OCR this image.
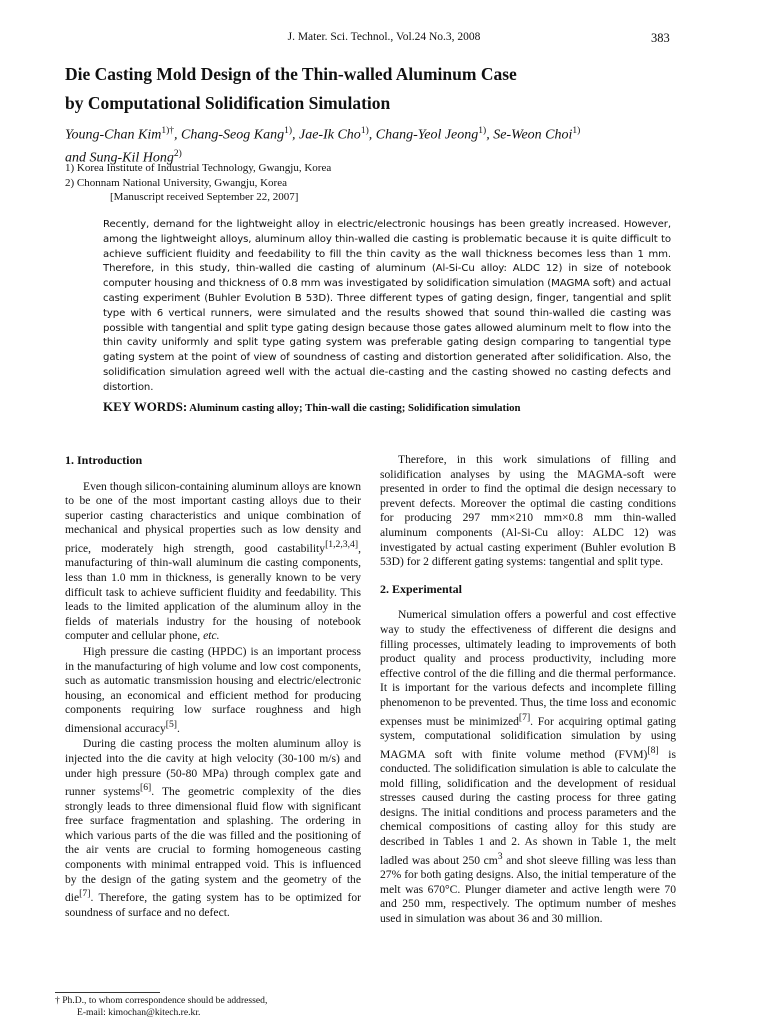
J. Mater. Sci. Technol., Vol.24 No.3, 2008	383
Die Casting Mold Design of the Thin-walled Aluminum Case
by Computational Solidification Simulation
Young-Chan Kim$^{1)\dagger}$, Chang-Seog Kang$^{1)}$, Jae-Ik Cho$^{1)}$, Chang-Yeol Jeong$^{1)}$, Se-Weon Choi$^{1)}$
and Sung-Kil Hong$^{2)}$
1) Korea Institute of Industrial Technology, Gwangju, Korea
2) Chonnam National University, Gwangju, Korea
[Manuscript received September 22, 2007]

Recently, demand for the lightweight alloy in electric/electronic housings has been greatly increased. However, among the lightweight alloys, aluminum alloy thin-walled die casting is problematic because it is quite difficult to achieve sufficient fluidity and feedability to fill the thin cavity as the wall thickness becomes less than 1 mm. Therefore, in this study, thin-walled die casting of aluminum (Al-Si-Cu alloy: ALDC 12) in size of notebook computer housing and thickness of 0.8 mm was investigated by solidification simulation (MAGMA soft) and actual casting experiment (Buhler Evolution B 53D). Three different types of gating design, finger, tangential and split type with 6 vertical runners, were simulated and the results showed that sound thin-walled die casting was possible with tangential and split type gating design because those gates allowed aluminum melt to flow into the thin cavity uniformly and split type gating system was preferable gating design comparing to tangential type gating system at the point of view of soundness of casting and distortion generated after solidification. Also, the solidification simulation agreed well with the actual die-casting and the casting showed no casting defects and distortion.

KEY WORDS: Aluminum casting alloy; Thin-wall die casting; Solidification simulation
1. Introduction

Even though silicon-containing aluminum alloys are known to be one of the most important casting alloys due to their superior casting characteristics and unique combination of mechanical and physical properties such as low density and price, moderately high strength, good castability[1,2,3,4], manufacturing of thin-wall aluminum die casting components, less than 1.0 mm in thickness, is generally known to be very difficult task to achieve sufficient fluidity and feedability. This leads to the limited application of the aluminum alloy in the fields of materials industry for the housing of notebook computer and cellular phone, etc.

High pressure die casting (HPDC) is an important process in the manufacturing of high volume and low cost components, such as automatic transmission housing and electric/electronic housing, an economical and efficient method for producing components requiring low surface roughness and high dimensional accuracy[5].

During die casting process the molten aluminum alloy is injected into the die cavity at high velocity (30-100 m/s) and under high pressure (50-80 MPa) through complex gate and runner systems[6]. The geometric complexity of the dies strongly leads to three dimensional fluid flow with significant free surface fragmentation and splashing. The ordering in which various parts of the die was filled and the positioning of the air vents are crucial to forming homogeneous casting components with minimal entrapped void. This is influenced by the design of the gating system and the geometry of the die[7]. Therefore, the gating system has to be optimized for soundness of surface and no defect.

Therefore, in this work simulations of filling and solidification analyses by using the MAGMA-soft were presented in order to find the optimal die design necessary to prevent defects. Moreover the optimal die casting conditions for producing 297 mm×210 mm×0.8 mm thin-walled aluminum components (Al-Si-Cu alloy: ALDC 12) was investigated by actual casting experiment (Buhler evolution B 53D) for 2 different gating systems: tangential and split type.

2. Experimental

Numerical simulation offers a powerful and cost effective way to study the effectiveness of different die designs and filling processes, ultimately leading to improvements of both product quality and process productivity, including more effective control of the die filling and die thermal performance. It is important for the various defects and incomplete filling phenomenon to be prevented. Thus, the time loss and economic expenses must be minimized[7]. For acquiring optimal gating system, computational solidification simulation by using MAGMA soft with finite volume method (FVM)[8] is conducted. The solidification simulation is able to calculate the mold filling, solidification and the development of residual stresses caused during the casting process for three gating designs. The initial conditions and process parameters and the chemical compositions of casting alloy for this study are described in Tables 1 and 2. As shown in Table 1, the melt ladled was about 250 $cm^3$ and shot sleeve filling was less than 27% for both gating designs. Also, the initial temperature of the melt was 670°C. Plunger diameter and active length were 70 and 250 mm, respectively. The optimum number of meshes used in simulation was about 36 and 30 million.

† Ph.D., to whom correspondence should be addressed,
E-mail: kimochan@kitech.re.kr.
